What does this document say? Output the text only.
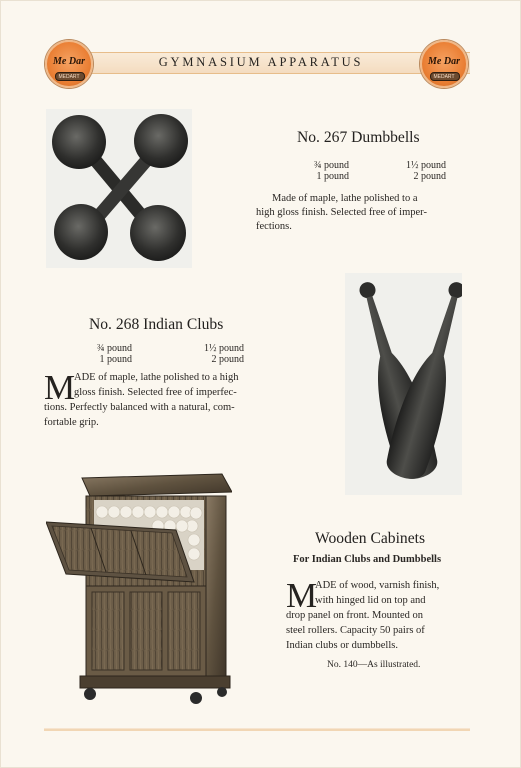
GYMNASIUM APPARATUS
Me Dar
MEDART
Me Dar
MEDART
No. 267 Dumbbells
¾ pound
1 pound
1½ pound
2 pound
Made of maple, lathe polished to a
high gloss finish. Selected free of imper-
fections.
No. 268 Indian Clubs
¾ pound
1 pound
1½ pound
2 pound
M
ADE of maple, lathe polished to a high
gloss finish. Selected free of imperfec-
tions. Perfectly balanced with a natural, com-
fortable grip.
Wooden Cabinets
For Indian Clubs and Dumbbells
M
ADE of wood, varnish finish,
with hinged lid on top and
drop panel on front. Mounted on
steel rollers. Capacity 50 pairs of
Indian clubs or dumbbells.
No. 140—As illustrated.
